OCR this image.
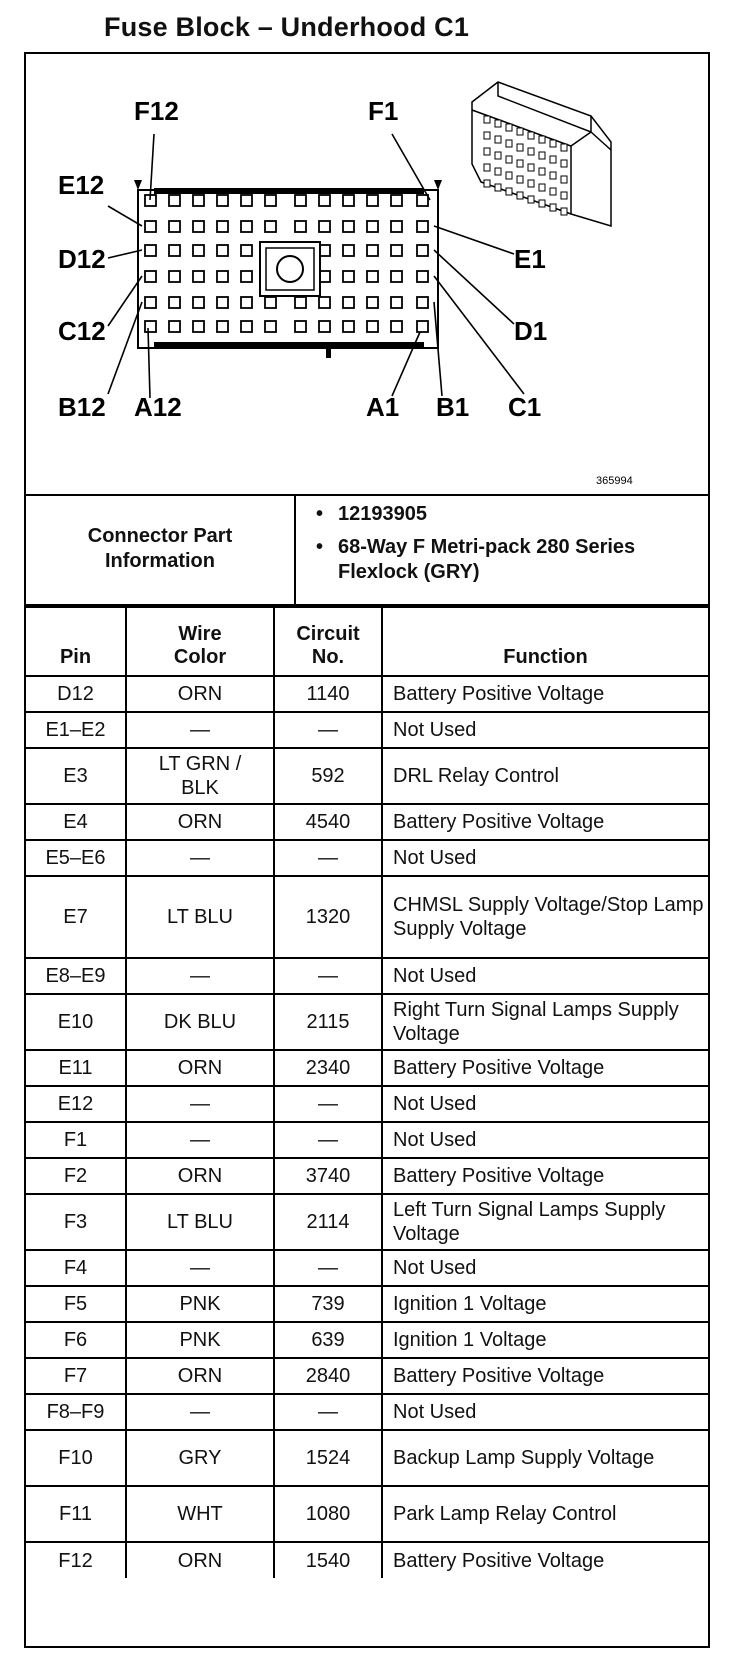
Fuse Block – Underhood C1
F12	F1
E12
D12
C12
E1
D1
C1
B12 A12	A1 B1
365994
Connector Part Information
• 12193905
• 68-Way F Metri-pack 280 Series Flexlock (GRY)
Pin	Wire Color	Circuit No.	Function
D12	ORN	1140	Battery Positive Voltage
E1–E2	—	—	Not Used
E3	LT GRN / BLK	592	DRL Relay Control
E4	ORN	4540	Battery Positive Voltage
E5–E6	—	—	Not Used
E7	LT BLU	1320	CHMSL Supply Voltage/Stop Lamp Supply Voltage
E8–E9	—	—	Not Used
E10	DK BLU	2115	Right Turn Signal Lamps Supply Voltage
E11	ORN	2340	Battery Positive Voltage
E12	—	—	Not Used
F1	—	—	Not Used
F2	ORN	3740	Battery Positive Voltage
F3	LT BLU	2114	Left Turn Signal Lamps Supply Voltage
F4	—	—	Not Used
F5	PNK	739	Ignition 1 Voltage
F6	PNK	639	Ignition 1 Voltage
F7	ORN	2840	Battery Positive Voltage
F8–F9	—	—	Not Used
F10	GRY	1524	Backup Lamp Supply Voltage
F11	WHT	1080	Park Lamp Relay Control
F12	ORN	1540	Battery Positive Voltage
